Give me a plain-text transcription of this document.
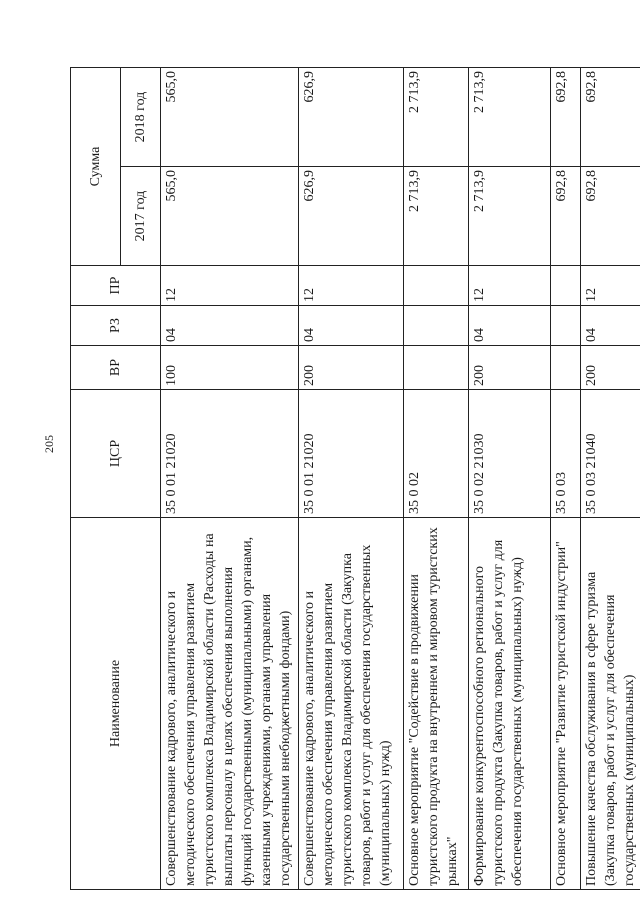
205
Наименование	ЦСР	ВР	РЗ	ПР	Сумма	
					2017 год	2018 год
Совершенствование кадрового, аналитического и методического обеспечения управления развитием туристского комплекса Владимирской области (Расходы на выплаты персоналу в целях обеспечения выполнения функций государственными (муниципальными) органами, казенными учреждениями, органами управления государственными внебюджетными фондами)	35 0 01 21020	100	04	12	565,0	565,0
Совершенствование кадрового, аналитического и методического обеспечения управления развитием туристского комплекса Владимирской области (Закупка товаров, работ и услуг для обеспечения государственных (муниципальных) нужд)	35 0 01 21020	200	04	12	626,9	626,9
Основное мероприятие "Содействие в продвижении туристского продукта на внутреннем и мировом туристских рынках"	35 0 02				2 713,9	2 713,9
Формирование конкурентоспособного регионального туристского продукта (Закупка товаров, работ и услуг для обеспечения государственных (муниципальных) нужд)	35 0 02 21030	200	04	12	2 713,9	2 713,9
Основное мероприятие "Развитие туристской индустрии"	35 0 03				692,8	692,8
Повышение качества обслуживания в сфере туризма (Закупка товаров, работ и услуг для обеспечения государственных (муниципальных)	35 0 03 21040	200	04	12	692,8	692,8
